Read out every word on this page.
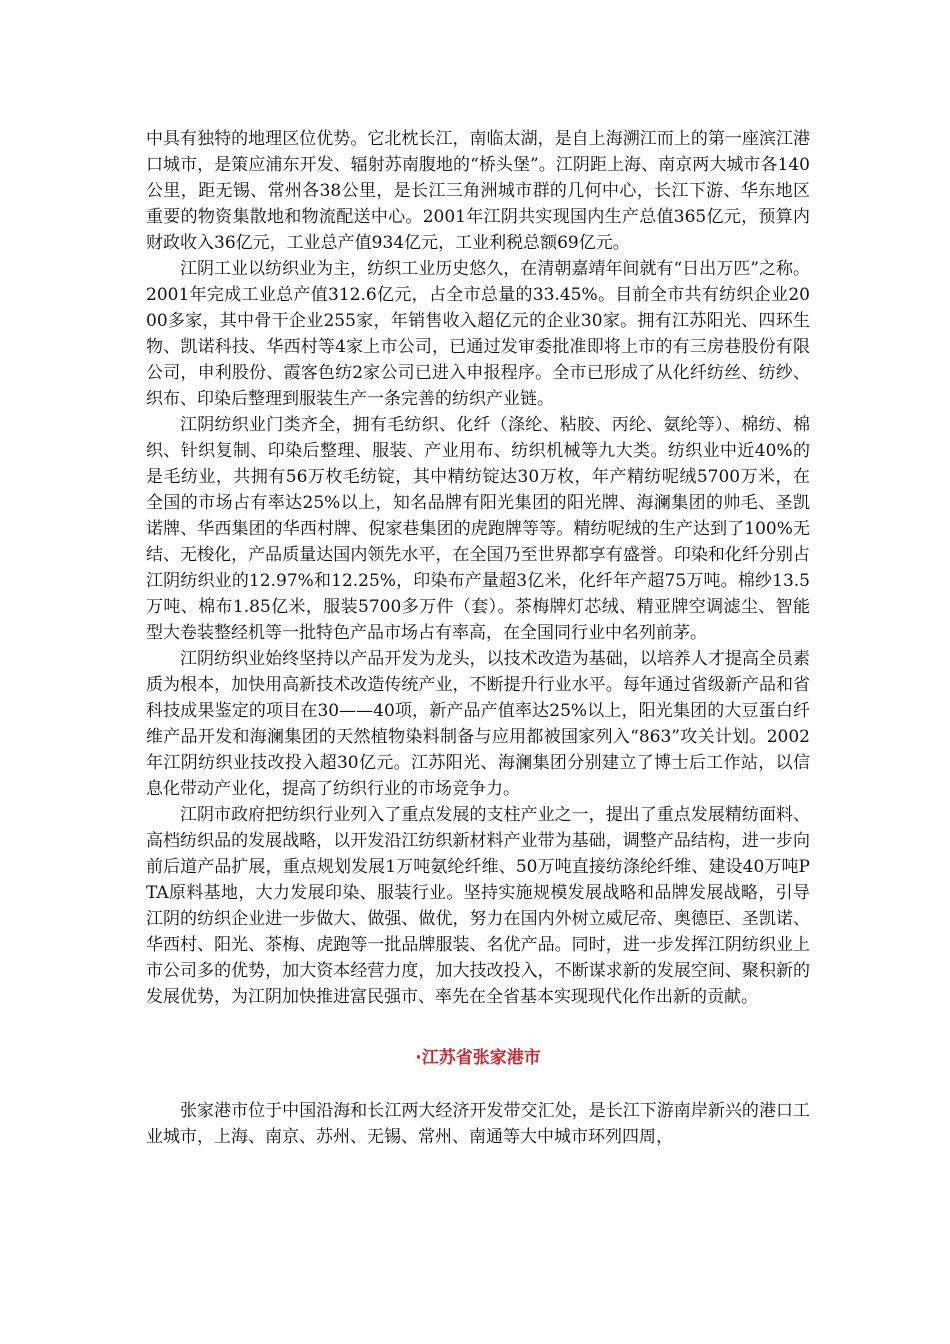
中具有独特的地理区位优势。它北枕长江，南临太湖，是自上海溯江而上的第一座滨江港口城市，是策应浦东开发、辐射苏南腹地的“桥头堡”。江阴距上海、南京两大城市各140公里，距无锡、常州各38公里，是长江三角洲城市群的几何中心，长江下游、华东地区重要的物资集散地和物流配送中心。2001年江阴共实现国内生产总值365亿元，预算内财政收入36亿元，工业总产值934亿元，工业利税总额69亿元。

江阴工业以纺织业为主，纺织工业历史悠久，在清朝嘉靖年间就有“日出万匹”之称。2001年完成工业总产值312.6亿元，占全市总量的33.45%。目前全市共有纺织企业2000多家，其中骨干企业255家，年销售收入超亿元的企业30家。拥有江苏阳光、四环生物、凯诺科技、华西村等4家上市公司，已通过发审委批准即将上市的有三房巷股份有限公司，申利股份、霞客色纺2家公司已进入申报程序。全市已形成了从化纤纺丝、纺纱、织布、印染后整理到服装生产一条完善的纺织产业链。

江阴纺织业门类齐全，拥有毛纺织、化纤（涤纶、粘胶、丙纶、氨纶等）、棉纺、棉织、针织复制、印染后整理、服装、产业用布、纺织机械等九大类。纺织业中近40%的是毛纺业，共拥有56万枚毛纺锭，其中精纺锭达30万枚，年产精纺呢绒5700万米，在全国的市场占有率达25%以上，知名品牌有阳光集团的阳光牌、海澜集团的帅毛、圣凯诺牌、华西集团的华西村牌、倪家巷集团的虎跑牌等等。精纺呢绒的生产达到了100%无结、无梭化，产品质量达国内领先水平，在全国乃至世界都享有盛誉。印染和化纤分别占江阴纺织业的12.97%和12.25%，印染布产量超3亿米，化纤年产超75万吨。棉纱13.5万吨、棉布1.85亿米，服装5700多万件（套）。茶梅牌灯芯绒、精亚牌空调滤尘、智能型大卷装整经机等一批特色产品市场占有率高，在全国同行业中名列前茅。

江阴纺织业始终坚持以产品开发为龙头，以技术改造为基础，以培养人才提高全员素质为根本，加快用高新技术改造传统产业，不断提升行业水平。每年通过省级新产品和省科技成果鉴定的项目在30——40项，新产品产值率达25%以上，阳光集团的大豆蛋白纤维产品开发和海澜集团的天然植物染料制备与应用都被国家列入“863”攻关计划。2002年江阴纺织业技改投入超30亿元。江苏阳光、海澜集团分别建立了博士后工作站，以信息化带动产业化，提高了纺织行业的市场竞争力。

江阴市政府把纺织行业列入了重点发展的支柱产业之一，提出了重点发展精纺面料、高档纺织品的发展战略，以开发沿江纺织新材料产业带为基础，调整产品结构，进一步向前后道产品扩展，重点规划发展1万吨氨纶纤维、50万吨直接纺涤纶纤维、建设40万吨PTA原料基地，大力发展印染、服装行业。坚持实施规模发展战略和品牌发展战略，引导江阴的纺织企业进一步做大、做强、做优，努力在国内外树立威尼帝、奥德臣、圣凯诺、华西村、阳光、茶梅、虎跑等一批品牌服装、名优产品。同时，进一步发挥江阴纺织业上市公司多的优势，加大资本经营力度，加大技改投入，不断谋求新的发展空间、聚积新的发展优势，为江阴加快推进富民强市、率先在全省基本实现现代化作出新的贡献。

·江苏省张家港市

张家港市位于中国沿海和长江两大经济开发带交汇处，是长江下游南岸新兴的港口工业城市，上海、南京、苏州、无锡、常州、南通等大中城市环列四周，
